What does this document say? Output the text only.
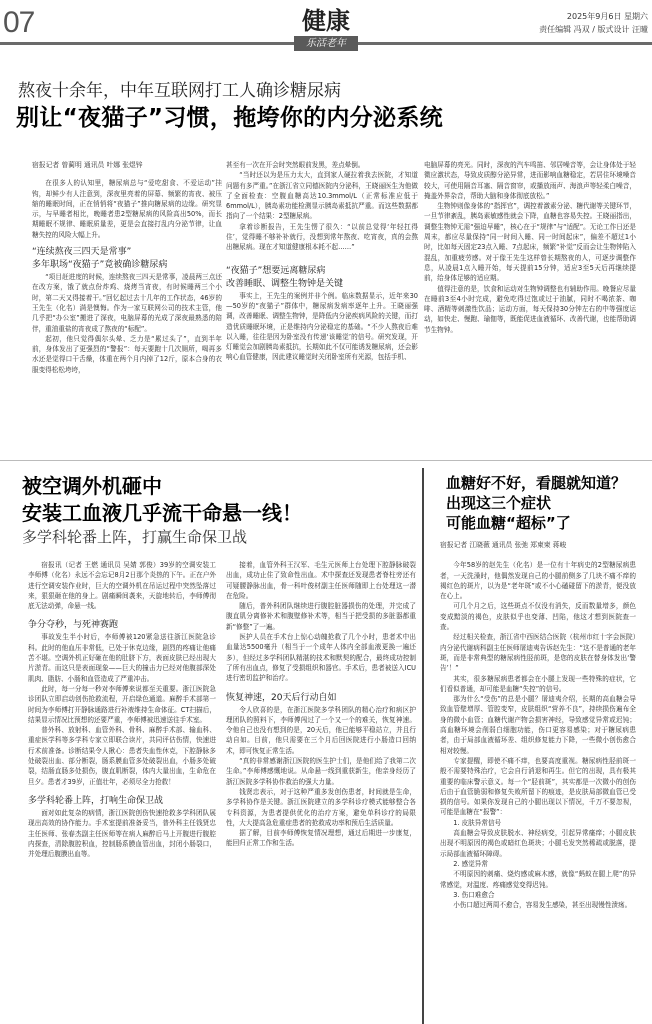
07	健康
乐活老年
2025年9月6日 星期六
责任编辑 冯双 / 版式设计 汪曈
熬夜十余年，中年互联网打工人确诊糖尿病
别让“夜猫子”习惯，拖垮你的内分泌系统
宿报记者 曾蔺明 通讯员 叶娜 张煜锌

在很多人的认知里，糖尿病总与“爱吃甜食、不爱运动”挂钩，却鲜少有人注意到，深夜里亮着的屏幕、频繁的宵夜、被压缩的睡眠时间，正在悄悄将“夜猫子”推向糖尿病的边缘。研究显示，与早睡者相比，晚睡者患2型糖尿病的风险高出50%，而长期睡眠不规律、睡眠质量差，更是会直接打乱内分泌节律，让血糖失控的风险大幅上升。

“连续熬夜三四天是常事”
多年职场“夜猫子”竟被确诊糖尿病

“项目赶进度的时候，连续熬夜三四天是常事，凌晨两三点还在改方案，饿了就点份炸鸡、烧烤当宵夜，有时候睡两三个小时，第二天又得接着干。”回忆起过去十几年的工作状态，46岁的王先生（化名）满是懊悔。作为一家互联网公司的技术主管，他几乎把“办公室”搬进了深夜，电脑屏幕的光成了深夜最熟悉的陪伴，重油重盐的宵夜成了熬夜的“标配”。

起初，他只觉得偶尔头晕、乏力是“累过头了”，直到半年前，身体发出了更强烈的“警报”：每天要跑十几次厕所，喝再多水还是觉得口干舌燥，体重在两个月内掉了12斤，原本合身的衣服变得松松垮垮，

甚至有一次在开会时突然眼前发黑，差点晕倒。

“当时还以为是压力太大，直到家人硬拉着我去医院，才知道问题有多严重。”在浙江省立同德医院内分泌科，王晓丽医生为他做了全面检查：空腹血糖高达10.3mmol/L（正常标准应低于6mmol/L），胰岛素功能检测显示胰岛素抵抗严重。而这些数据都指向了一个结果：2型糖尿病。

拿着诊断报告，王先生愣了很久：“以前总觉得‘年轻扛得住’，觉得睡不够补补就行，没想到常年熬夜、吃宵夜，真的会熬出糖尿病。现在才知道健康根本耗不起……”

“夜猫子”想要远离糖尿病
改善睡眠、调整生物钟是关键

事实上，王先生的案例并非个例。临床数据显示，近年来30—50岁的“夜猫子”群体中，糖尿病发病率逐年上升。王晓丽强调，改善睡眠、调整生物钟，是降低内分泌疾病风险的关键，而打造优质睡眠环境，正是维持内分泌稳定的基础。“不少人熬夜后难以入睡，往往是因为卧室没有传递‘该睡觉’的信号。研究发现，开灯睡觉会加剧胰岛素抵抗，长期如此不仅可能诱发糖尿病，还会影响心血管健康，因此建议睡觉时关闭卧室所有光源，包括手机、

电脑屏幕的亮光。同时，深夜的汽车鸣笛、邻居噪音等，会让身体处于轻微应激状态，导致皮质醇分泌异常，进而影响血糖稳定，若居住环境噪音较大，可使用隔音耳塞、隔音窗帘，或播放雨声、海浪声等轻柔白噪音，掩盖外界杂音，帮助大脑和身体彻底放松。”

生物钟则像身体的“指挥官”，调控着激素分泌、糖代谢等关键环节，一旦节律紊乱，胰岛素敏感性就会下降，血糖也容易失控。王晓丽指出，调整生物钟无需“强迫早睡”，核心在于“规律”与“适配”。无论工作日还是周末，都应尽量保持“同一时间入睡、同一时间起床”，偏差不超过1小时，比如每天固定23点入睡、7点起床，频繁“补觉”反而会让生物钟陷入混乱，加重疲劳感。对于像王先生这样曾长期熬夜的人，可逐步调整作息，从凌晨1点入睡开始，每天提前15分钟，适应3至5天后再继续提前，给身体足够的适应期。

值得注意的是，饮食和运动对生物钟调整也有辅助作用。晚餐应尽量在睡前3至4小时完成，避免吃得过饱或过于油腻，同时不喝浓茶、咖啡、酒精等刺激性饮品；运动方面，每天保持30分钟左右的中等强度运动，如快走、慢跑、瑜伽等，既能促进血液循环、改善代谢，也能帮助调节生物钟。

被空调外机砸中
安装工血液几乎流干命悬一线！
多学科轮番上阵，打赢生命保卫战

宿报讯（记者 王燃 通讯员 吴婧 郭俊）39岁的空调安装工李师傅（化名）永远不会忘记8月2日那个炎热的下午。正在户外进行空调安装作业时，巨大的空调外机在吊运过程中突然坠落过来，狠狠砸在他的身上。剧痛瞬间袭来，天旋地转后，李师傅彻底无法动弹，命悬一线。

争分夺秒，与死神赛跑

事故发生半小时后，李师傅被120紧急送往浙江医院急诊科。此时的他血压非常低，已处于休克边缘，剧烈的疼痛让他痛苦不堪。空调外机正好砸在他的肚脐下方，表面皮肤已经出现大片淤青。而这只是表面现象——巨大的撞击力已经对他腹部深处肌肉、脂肪、小肠和血管造成了严重冲击。

此时，每一分每一秒对李师傅来说都至关重要。浙江医院急诊团队立即启动创伤抢救流程，开启绿色通道。麻醉手术部第一时间为李师傅打开静脉通路进行补液维持生命体征。CT扫描后，结果显示情况比预想的还要严重，李师傅被迅速送往手术室。

普外科、放射科、血管外科、骨科、麻醉手术部、输血科、重症医学科等多学科专家立即联合读片，共同评估伤情，快速进行术前准备。诊断结果令人揪心：患者失血性休克，下腔静脉多处破裂出血、部分断裂，肠系膜血管多处破裂出血，小肠多处破裂，结肠直肠多处损伤，腹直肌断裂，体内大量出血，生命危在旦夕。患者才39岁，正值壮年，必须尽全力抢救！

多学科轮番上阵，打响生命保卫战

面对如此复杂的病情，浙江医院创伤快速抢救多学科团队展现出高效的协作能力。手术室提前准备妥当，普外科主任钱贤忠主任医师、张春杰副主任医师等在病人麻醉后马上开腹进行腹腔内探查，清除腹腔积血，控制肠系膜血管出血，封闭小肠裂口，并处理后腹膜出血等。

接着，血管外科王汉军、毛生元医师上台处理下腔静脉破裂出血，成功止住了致命性出血。术中探查还发现患者脊柱旁还有可疑腰静脉出血，骨一科叶俊材副主任医师随即上台处理这一潜在危险。

随后，普外科团队继续进行腹腔脏器损伤的处理，并完成了腹直肌分离修补术和腹壁修补术等，相当于把受损的多脏器都重新“修整”了一遍。

医护人员在手术台上惊心动魄抢救了几个小时，患者术中出血量达5500毫升（相当于一个成年人体内全部血液更换一遍还多），但经过多学科团队精湛的技术和默契的配合，最终成功控制了所有出血点，修复了受损组织和器官。手术后，患者被送入ICU进行密切监护和治疗。

恢复神速，20天后行动自如

令人欣喜的是，在浙江医院多学科团队的精心治疗和病区护理团队的照料下，李师傅闯过了一个又一个的难关，恢复神速。令他自己也没有想到的是，20天后，他已能够平稳站立，并且行动自如。目前，他只需要在三个月后回医院进行小肠造口回纳术，即可恢复正常生活。

“真的非常感谢浙江医院的医生护士们，是他们给了我第二次生命。”李师傅感慨地说。从命悬一线到重获新生，他亲身经历了浙江医院多学科协作救治的强大力量。

钱贤忠表示，对于这种严重多发创伤患者，时间就是生命，多学科协作是关键。浙江医院建立的多学科诊疗模式能够整合各专科资源，为患者提供优化的治疗方案，避免单科诊疗的局限性，大大提高急危重症患者的抢救成功率和预后生活质量。

据了解，目前李师傅恢复情况理想，通过后期进一步康复，能回归正常工作和生活。

血糖好不好，看腿就知道？
出现这三个症状
可能血糖“超标”了
宿报记者 江晓薇 通讯员 张弛 郑柬柬 蒋峻

今年58岁的赵先生（化名）是一位有十年病史的2型糖尿病患者，一天洗澡时，他偶然发现自己的小腿前侧多了几块不痛不痒的褐红色的斑片，以为是“老年斑”或不小心磕碰留下的淤青，便没放在心上。

可几个月之后，这些斑点不仅没有消失，反而数量增多，颜色变成黯淡的褐色，皮肤似乎也变薄、凹陷，他这才想到医院查一查。

经过相关检查，浙江省中西医结合医院（杭州市红十字会医院）内分泌代谢病科副主任医师屠迪夷告诉赵先生：“这不是普通的老年斑，而是非常典型的糖尿病性胫前斑，是您的皮肤在替身体发出‘警告’！”

其实，很多糖尿病患者都会在小腿上发现一些特殊的症状，它们看似普通，却可能是血糖“失控”的信号。

那为什么“受伤”的总是小腿？屠迪夷介绍，长期的高血糖会导致血管壁增厚、管腔变窄，皮肤组织“营养不良”，持续损伤遍布全身的微小血管；血糖代谢产物会损害神经，导致感觉异常或迟钝；高血糖环境会削弱白细胞功能，伤口更容易感染；对于糖尿病患者，由于局部血液循环差、组织修复能力下降，一些微小创伤愈合相对较慢。

专家提醒，即使不痛不痒，也要高度重视。糖尿病性胫前斑一般不需要特殊治疗，它会自行消退和再生。但它的出现，具有极其重要的临床警示意义。每一个“胫前斑”，其实都是一次微小的创伤后由于血管脆弱和修复失败所留下的痕迹，是皮肤局部微血管已受损的信号。如果你发现自己的小腿出现以下情况，千万不要忽视，可能是血糖在“报警”：

1. 皮肤异常信号

高血糖会导致皮肤脱水、神经病变，引起异常瘙痒；小腿皮肤出现不明原因的褐色或暗红色斑块；小腿毛发突然稀疏或脱落，提示局部血液循环障碍。

2. 感觉异常

不明原因的刺痛、烧灼感或麻木感，就像“蚂蚁在腿上爬”的异常感觉，对温度、疼痛感觉变得迟钝。

3. 伤口难愈合

小伤口超过两周不愈合，容易发生感染，甚至出现慢性溃疡。
